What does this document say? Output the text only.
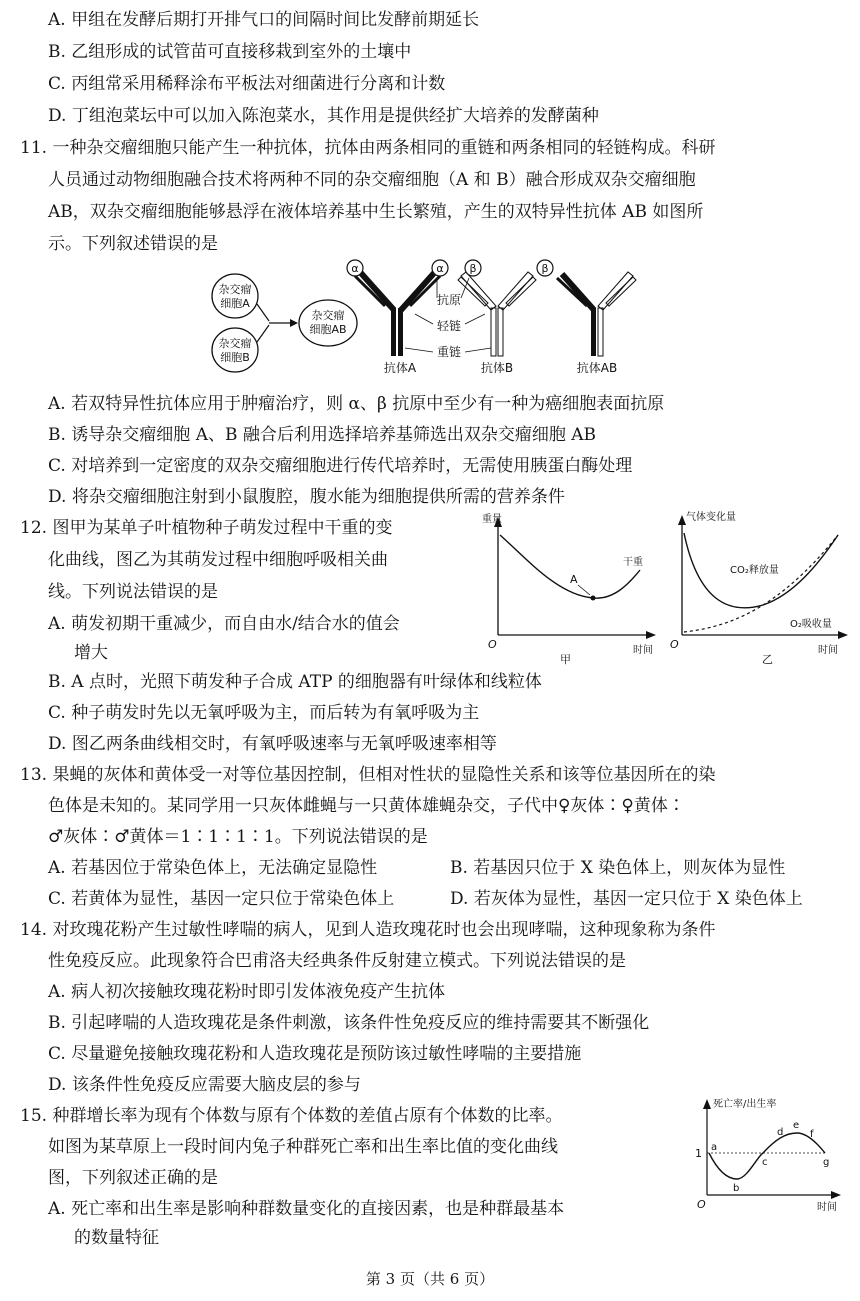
A. 甲组在发酵后期打开排气口的间隔时间比发酵前期延长
B. 乙组形成的试管苗可直接移栽到室外的土壤中
C. 丙组常采用稀释涂布平板法对细菌进行分离和计数
D. 丁组泡菜坛中可以加入陈泡菜水，其作用是提供经扩大培养的发酵菌种
11. 一种杂交瘤细胞只能产生一种抗体，抗体由两条相同的重链和两条相同的轻链构成。科研
人员通过动物细胞融合技术将两种不同的杂交瘤细胞（A 和 B）融合形成双杂交瘤细胞
AB，双杂交瘤细胞能够悬浮在液体培养基中生长繁殖，产生的双特异性抗体 AB 如图所
示。下列叙述错误的是
杂交瘤
细胞A
杂交瘤
细胞B
杂交瘤
细胞AB
α	α
抗体A
β	β
抗体B
抗原
轻链
重链
抗体AB
A. 若双特异性抗体应用于肿瘤治疗，则 α、β 抗原中至少有一种为癌细胞表面抗原
B. 诱导杂交瘤细胞 A、B 融合后利用选择培养基筛选出双杂交瘤细胞 AB
C. 对培养到一定密度的双杂交瘤细胞进行传代培养时，无需使用胰蛋白酶处理
D. 将杂交瘤细胞注射到小鼠腹腔，腹水能为细胞提供所需的营养条件
12. 图甲为某单子叶植物种子萌发过程中干重的变
化曲线，图乙为其萌发过程中细胞呼吸相关曲
线。下列说法错误的是
A. 萌发初期干重减少，而自由水/结合水的值会
增大
重量
时间
O
A
干重
甲
气体变化量
时间
O
CO₂释放量
O₂吸收量
乙
B. A 点时，光照下萌发种子合成 ATP 的细胞器有叶绿体和线粒体
C. 种子萌发时先以无氧呼吸为主，而后转为有氧呼吸为主
D. 图乙两条曲线相交时，有氧呼吸速率与无氧呼吸速率相等
13. 果蝇的灰体和黄体受一对等位基因控制，但相对性状的显隐性关系和该等位基因所在的染
色体是未知的。某同学用一只灰体雌蝇与一只黄体雄蝇杂交，子代中♀灰体∶♀黄体∶
♂灰体∶♂黄体＝1∶1∶1∶1。下列说法错误的是
A. 若基因位于常染色体上，无法确定显隐性	B. 若基因只位于 X 染色体上，则灰体为显性
C. 若黄体为显性，基因一定只位于常染色体上	D. 若灰体为显性，基因一定只位于 X 染色体上
14. 对玫瑰花粉产生过敏性哮喘的病人，见到人造玫瑰花时也会出现哮喘，这种现象称为条件
性免疫反应。此现象符合巴甫洛夫经典条件反射建立模式。下列说法错误的是
A. 病人初次接触玫瑰花粉时即引发体液免疫产生抗体
B. 引起哮喘的人造玫瑰花是条件刺激，该条件性免疫反应的维持需要其不断强化
C. 尽量避免接触玫瑰花粉和人造玫瑰花是预防该过敏性哮喘的主要措施
D. 该条件性免疫反应需要大脑皮层的参与
15. 种群增长率为现有个体数与原有个体数的差值占原有个体数的比率。
如图为某草原上一段时间内兔子种群死亡率和出生率比值的变化曲线
图，下列叙述正确的是
A. 死亡率和出生率是影响种群数量变化的直接因素，也是种群最基本
的数量特征
死亡率/出生率
时间
O
1 a
b
c
d
e
f
g
第 3 页（共 6 页）
